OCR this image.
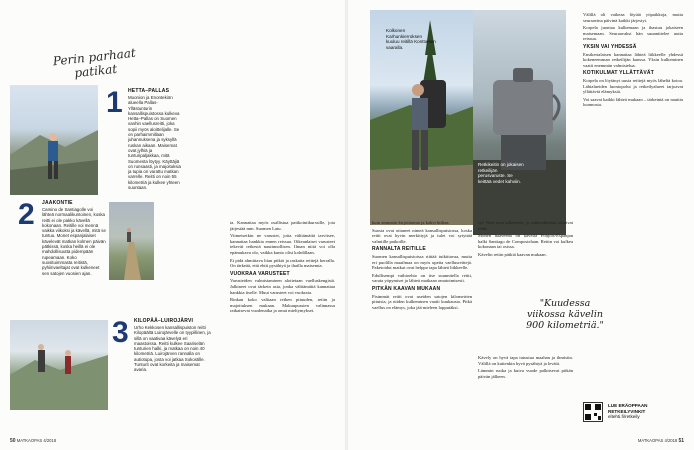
Perin parhaat patikat
Kolkonen Karhunkierroksen kuuluu reitillä Konttaisen vaaralla.
Retkikeitin on jokaisen retkeilijän perusvaruste. Se keittää vedet kahviin.
1 HETTA–PALLAS
Muonion ja Enontekiön alueella Pallas-Yllästunturin kansallispuistossa kulkeva Hetta–Pallas on Suomen vanhin vaellusreitti, joka sopii myös aloittelijalle. Se on parhaimmillaan juhannuksena ja syksyllä ruskan aikaan. Maisemat ovat jylhiä ja tunturipaljakkaa, mitä Suomesta löytyy. Käyttäjiä on runsaasti, ja majoituksia ja tupia on varattu matkan varrelle. Reitti on noin 55 kilometriä ja kulkee yhteen suuntaan.
2 JAAKONTIE
Camino de Santiagolle voi lähteä normaalikuntoinen, koska reitti ei ole pakko kävellä kokonaan. Reitille voi mennä vaikka viikoksi ja kävellä, mitä se tuntuu. Monet espanjalaiset kävelevät matkan kolmen päivän pätkissä, koska heillä ei ole mahdollisuutta pidempään rupeamaan. Koko suosituimmasta reitistä, pyhiinvaeltajat ovat kulkeneet sen satojen vuosien ajan.
3 KILOPÄÄ–LUIROJÄRVI
Urho Kekkosen kansallispuiston reitti Kilopäältä Luirojärvelle on tyypillinen, ja sillä on vaativaa kävelyä eri maastoissa. Reitti kulkee Saariselän tunturien halki, ja matkaa on noin 40 kilometriä. Luirojärven rannalla on autiotupa, josta voi jatkaa Sokostille. Tunturit ovat korkeita ja maisemat avaria.

ta. Kannattaa myös osallistua patikointikurssille, jota järjestää mm. Suomen Latu.

Viimeisetkin ne varustet, joita välttämättä tarvitsee, kannattaa hankkia ennen reissua. Oikeanlaiset varusteet tekevät retkestä nautinnollisen. Ilman niitä voi olla epämukava olo, vaikka kunto olisi kohdillaan.

Et pidä ahmittava liian pitkiä ja raskaita reittejä kerralla. On tärkeää, että ehtii pysähtyä ja ihailla maisemia.

VUOKRAA VARUSTEET

Varusteiden valmistaminen aloitetaan vaelluskengistä. Jalkineet ovat tärkein asia, jonka välttämättä kannattaa hankkia itselle. Muut varusteet voi vuokrata.

Rinkan koko valitaan retken pituuden, reitin ja majoituksen mukaan. Makuupussien valinnassa ratkaisevat vuodenaika ja omat mieltymykset.

kuin ammatin kirjoittamia ja kahvi hiiltaa.

Suosia ovat ottaneet nimeä kansallispuistossa, koska reitit ovat hyvin merkittyjä ja tulet voi sytyttää valmiille paikoille.

RANNALTA REITILLE

Suomen kansallispuistoissa riittää tutkittavaa, mutta eri puolilla maailmaa on myös upeita vaellusreittejä. Paketoidut matkat ovat helppo tapa lähteä liikkeelle.

Edullisempi vaihtoehto on itse suunnitella reitti, varata yöpymiset ja lähteä matkaan omatoimisesti.

PITKÄN KAAVAN MUKAAN

Pisimmät reitit ovat useiden satojen kilometrien pituisia, ja niiden kulkeminen vaatii kuukausia. Pitkä vaellus on elämys, joka jää mieleen loppuiäksi.

ryt. Neet ovat tallenneet, ja vaihtoehtoisia toimivat reitit.

Monen haaveena on kävellä Pohjois-Espanjan halki Santiago de Compostelaan. Reitin voi kulkea kokonaan tai osissa.

Kävelin reitin pätkiä kaavan mukaan.

Kävely on hyvä tapa tutustua maahan ja ihmisiin. Välillä on kuitenkin hyvä pysähtyä ja levätä.

Lämmin ruoka ja kuiva vuode palkitsevat pitkän päivän jälkeen.

Välillä oli vaikeaa löytää yöpaikkoja, mutta seuraavina päivinä kaikki järjestyi.

Korpela juontaa kulkemaan ja ihastuu jokaiseen maisemaan. Seuraavaksi hän suunnittelee uutta reissua.

YKSIN VAI YHDESSÄ

Ensikertalaisen kannattaa lähteä liikkeelle yhdessä kokeneemman retkeilijän kanssa. Yksin kulkeminen vaatii enemmän valmistelua.

KOTIKULMAT YLLÄTTÄVÄT

Korpela on löytänyt uusia reittejä myös läheltä kotoa. Lähialueiden luontopolut ja retkeilyalueet tarjoavat yllättäviä elämyksiä.

Voi saavat kaikki lähteä mukaan – tärkeintä on nauttia luonnosta.

"Kuudessa viikossa kävelin 900 kilometriä."
LUE ERÄOPPAAN RETKEILYVINKIT
eltehti.fi/retkeily
50 MATKAOPAS 4/2018	MATKAOPAS 4/2018 51
